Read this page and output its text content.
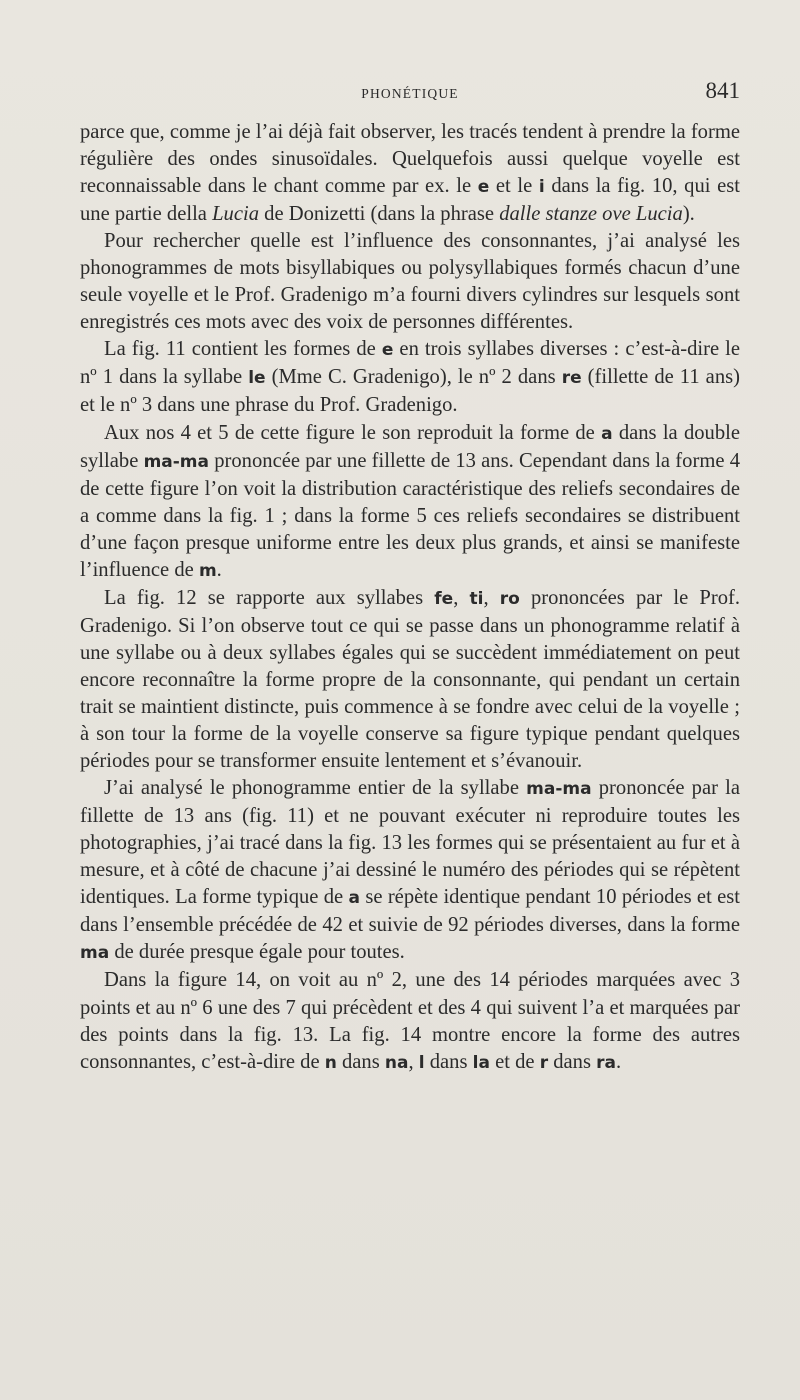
PHONÉTIQUE	841

parce que, comme je l’ai déjà fait observer, les tracés tendent à prendre la forme régulière des ondes sinusoïdales. Quelquefois aussi quelque voyelle est reconnaissable dans le chant comme par ex. le e et le i dans la fig. 10, qui est une partie della Lucia de Donizetti (dans la phrase dalle stanze ove Lucia).

Pour rechercher quelle est l’influence des consonnantes, j’ai analysé les phonogrammes de mots bisyllabiques ou polysyllabiques formés chacun d’une seule voyelle et le Prof. Gradenigo m’a fourni divers cylindres sur lesquels sont enregistrés ces mots avec des voix de personnes différentes.

La fig. 11 contient les formes de e en trois syllabes diverses : c’est-à-dire le nº 1 dans la syllabe le (Mme C. Gradenigo), le nº 2 dans re (fillette de 11 ans) et le nº 3 dans une phrase du Prof. Gradenigo.

Aux nos 4 et 5 de cette figure le son reproduit la forme de a dans la double syllabe ma-ma prononcée par une fillette de 13 ans. Cependant dans la forme 4 de cette figure l’on voit la distribution caractéristique des reliefs secondaires de a comme dans la fig. 1 ; dans la forme 5 ces reliefs secondaires se distribuent d’une façon presque uniforme entre les deux plus grands, et ainsi se manifeste l’influence de m.

La fig. 12 se rapporte aux syllabes fe, ti, ro prononcées par le Prof. Gradenigo. Si l’on observe tout ce qui se passe dans un phonogramme relatif à une syllabe ou à deux syllabes égales qui se succèdent immédiatement on peut encore reconnaître la forme propre de la consonnante, qui pendant un certain trait se maintient distincte, puis commence à se fondre avec celui de la voyelle ; à son tour la forme de la voyelle conserve sa figure typique pendant quelques périodes pour se transformer ensuite lentement et s’évanouir.

J’ai analysé le phonogramme entier de la syllabe ma-ma prononcée par la fillette de 13 ans (fig. 11) et ne pouvant exécuter ni reproduire toutes les photographies, j’ai tracé dans la fig. 13 les formes qui se présentaient au fur et à mesure, et à côté de chacune j’ai dessiné le numéro des périodes qui se répètent identiques. La forme typique de a se répète identique pendant 10 périodes et est dans l’ensemble précédée de 42 et suivie de 92 périodes diverses, dans la forme ma de durée presque égale pour toutes.

Dans la figure 14, on voit au nº 2, une des 14 périodes marquées avec 3 points et au nº 6 une des 7 qui précèdent et des 4 qui suivent l’a et marquées par des points dans la fig. 13. La fig. 14 montre encore la forme des autres consonnantes, c’est-à-dire de n dans na, l dans la et de r dans ra.
